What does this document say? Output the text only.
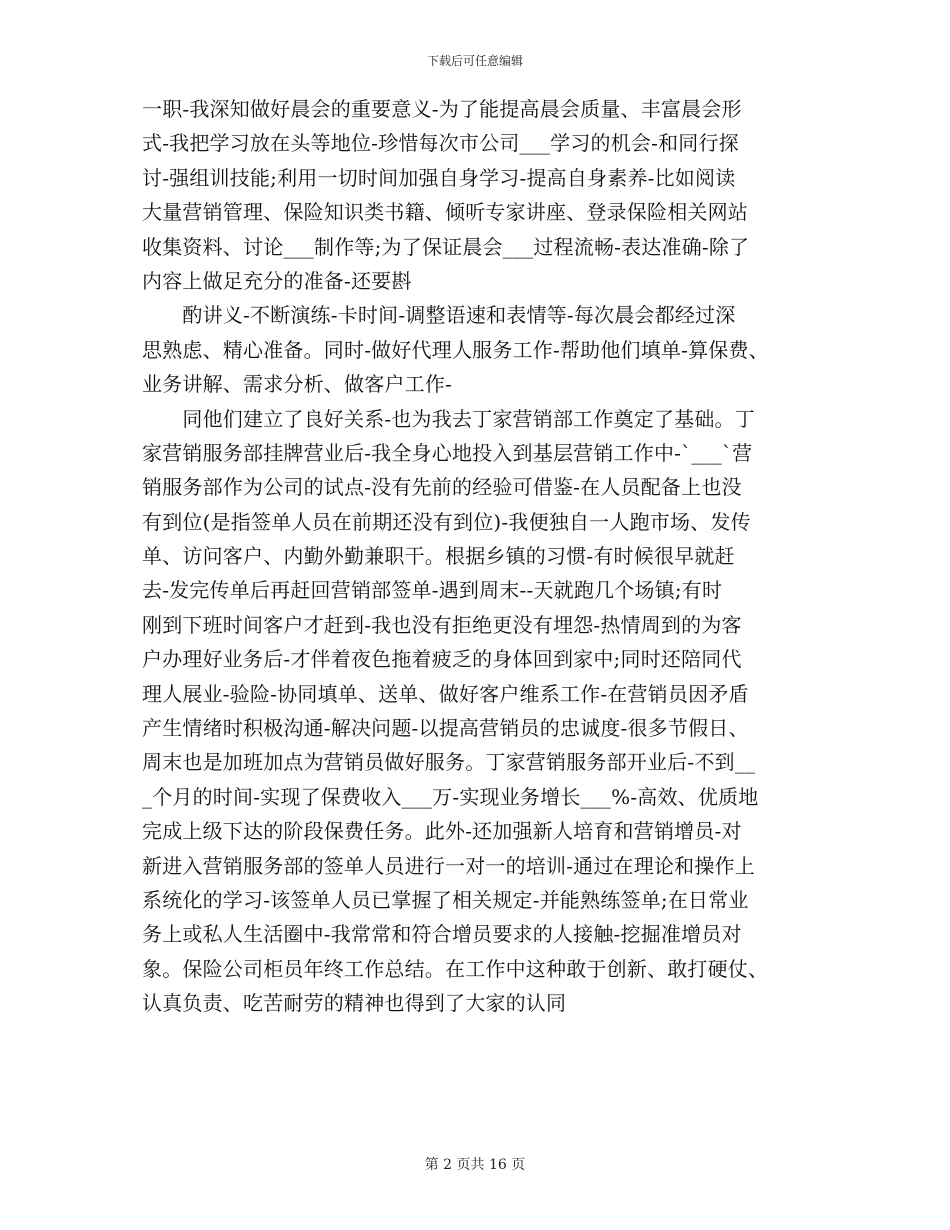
下载后可任意编辑
一职-我深知做好晨会的重要意义-为了能提高晨会质量、丰富晨会形
式-我把学习放在头等地位-珍惜每次市公司___学习的机会-和同行探
讨-强组训技能;利用一切时间加强自身学习-提高自身素养-比如阅读
大量营销管理、保险知识类书籍、倾听专家讲座、登录保险相关网站
收集资料、讨论___制作等;为了保证晨会___过程流畅-表达准确-除了
内容上做足充分的准备-还要斟
　　酌讲义-不断演练-卡时间-调整语速和表情等-每次晨会都经过深
思熟虑、精心准备。同时-做好代理人服务工作-帮助他们填单-算保费、
业务讲解、需求分析、做客户工作-
　　同他们建立了良好关系-也为我去丁家营销部工作奠定了基础。丁
家营销服务部挂牌营业后-我全身心地投入到基层营销工作中-`___`营
销服务部作为公司的试点-没有先前的经验可借鉴-在人员配备上也没
有到位(是指签单人员在前期还没有到位)-我便独自一人跑市场、发传
单、访问客户、内勤外勤兼职干。根据乡镇的习惯-有时候很早就赶
去-发完传单后再赶回营销部签单-遇到周末--天就跑几个场镇;有时
刚到下班时间客户才赶到-我也没有拒绝更没有埋怨-热情周到的为客
户办理好业务后-才伴着夜色拖着疲乏的身体回到家中;同时还陪同代
理人展业-验险-协同填单、送单、做好客户维系工作-在营销员因矛盾
产生情绪时积极沟通-解决问题-以提高营销员的忠诚度-很多节假日、
周末也是加班加点为营销员做好服务。丁家营销服务部开业后-不到__
_个月的时间-实现了保费收入___万-实现业务增长___%-高效、优质地
完成上级下达的阶段保费任务。此外-还加强新人培育和营销增员-对
新进入营销服务部的签单人员进行一对一的培训-通过在理论和操作上
系统化的学习-该签单人员已掌握了相关规定-并能熟练签单;在日常业
务上或私人生活圈中-我常常和符合增员要求的人接触-挖掘准增员对
象。保险公司柜员年终工作总结。在工作中这种敢于创新、敢打硬仗、
认真负责、吃苦耐劳的精神也得到了大家的认同
第 2 页共 16 页
